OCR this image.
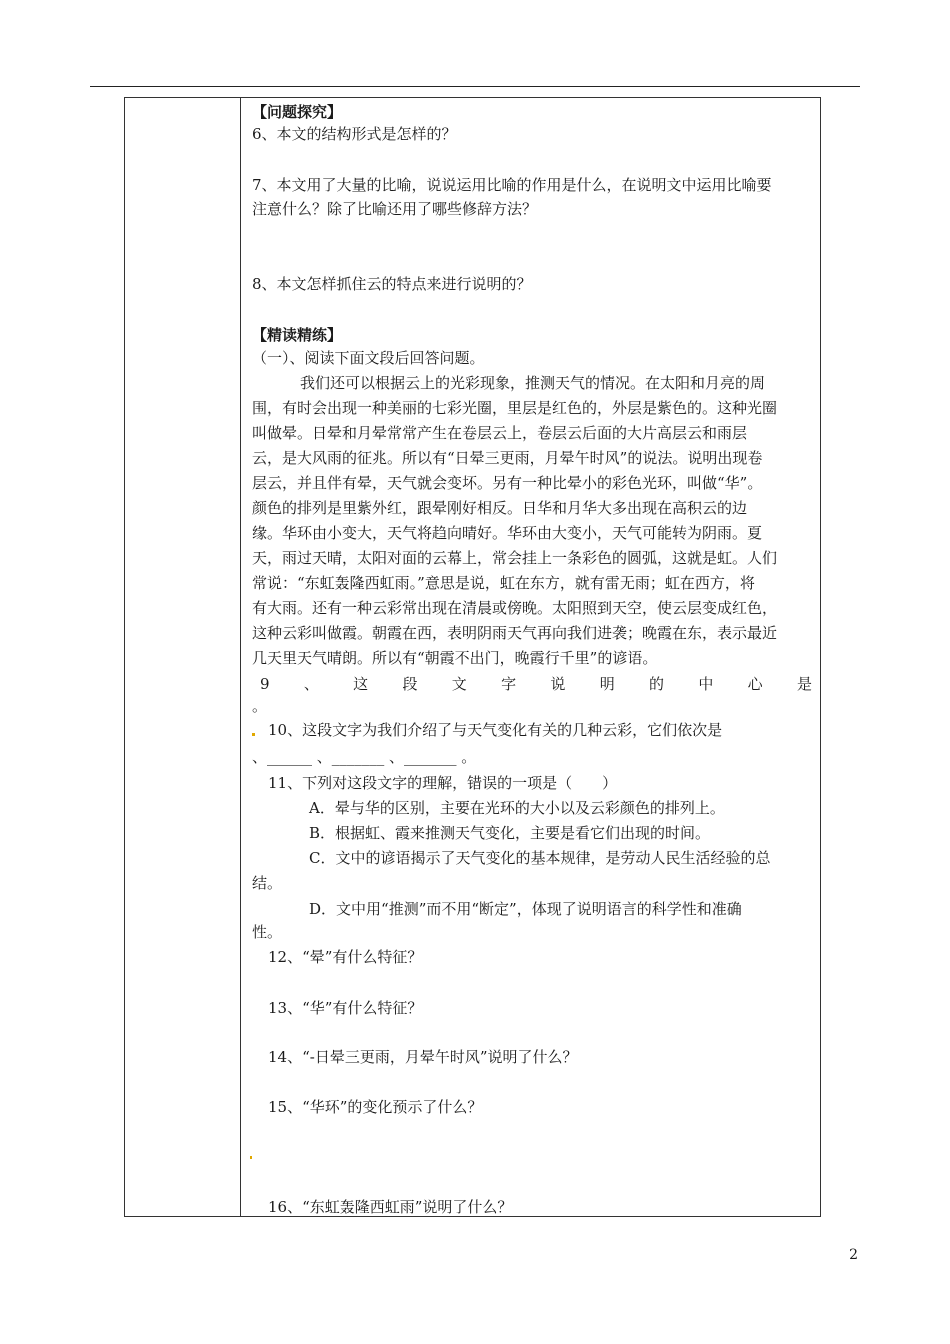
【问题探究】
6、本文的结构形式是怎样的？
7、本文用了大量的比喻，说说运用比喻的作用是什么，在说明文中运用比喻要
注意什么？除了比喻还用了哪些修辞方法？
8、本文怎样抓住云的特点来进行说明的？
【精读精练】
（一）、阅读下面文段后回答问题。
我们还可以根据云上的光彩现象，推测天气的情况。在太阳和月亮的周
围，有时会出现一种美丽的七彩光圈，里层是红色的，外层是紫色的。这种光圈
叫做晕。日晕和月晕常常产生在卷层云上，卷层云后面的大片高层云和雨层
云，是大风雨的征兆。所以有“日晕三更雨，月晕午时风”的说法。说明出现卷
层云，并且伴有晕，天气就会变坏。另有一种比晕小的彩色光环，叫做“华”。
颜色的排列是里紫外红，跟晕刚好相反。日华和月华大多出现在高积云的边
缘。华环由小变大，天气将趋向晴好。华环由大变小，天气可能转为阴雨。夏
天，雨过天晴，太阳对面的云幕上，常会挂上一条彩色的圆弧，这就是虹。人们
常说：“东虹轰隆西虹雨。”意思是说，虹在东方，就有雷无雨；虹在西方，将
有大雨。还有一种云彩常出现在清晨或傍晚。太阳照到天空，使云层变成红色，
这种云彩叫做霞。朝霞在西，表明阴雨天气再向我们进袭；晚霞在东，表示最近
几天里天气晴朗。所以有“朝霞不出门，晚霞行千里”的谚语。
9 、 这 段 文 字 说 明 的 中 心 是
。
10、这段文字为我们介绍了与天气变化有关的几种云彩，它们依次是
、______ 、_______ 、_______ 。
11、下列对这段文字的理解，错误的一项是（　　）
A．晕与华的区别，主要在光环的大小以及云彩颜色的排列上。
B．根据虹、霞来推测天气变化，主要是看它们出现的时间。
C．文中的谚语揭示了天气变化的基本规律，是劳动人民生活经验的总
结。
D．文中用“推测”而不用“断定”，体现了说明语言的科学性和准确
性。
12、“晕”有什么特征？
13、“华”有什么特征？
14、“-日晕三更雨，月晕午时风”说明了什么？
15、“华环”的变化预示了什么？
16、“东虹轰隆西虹雨”说明了什么？
2
